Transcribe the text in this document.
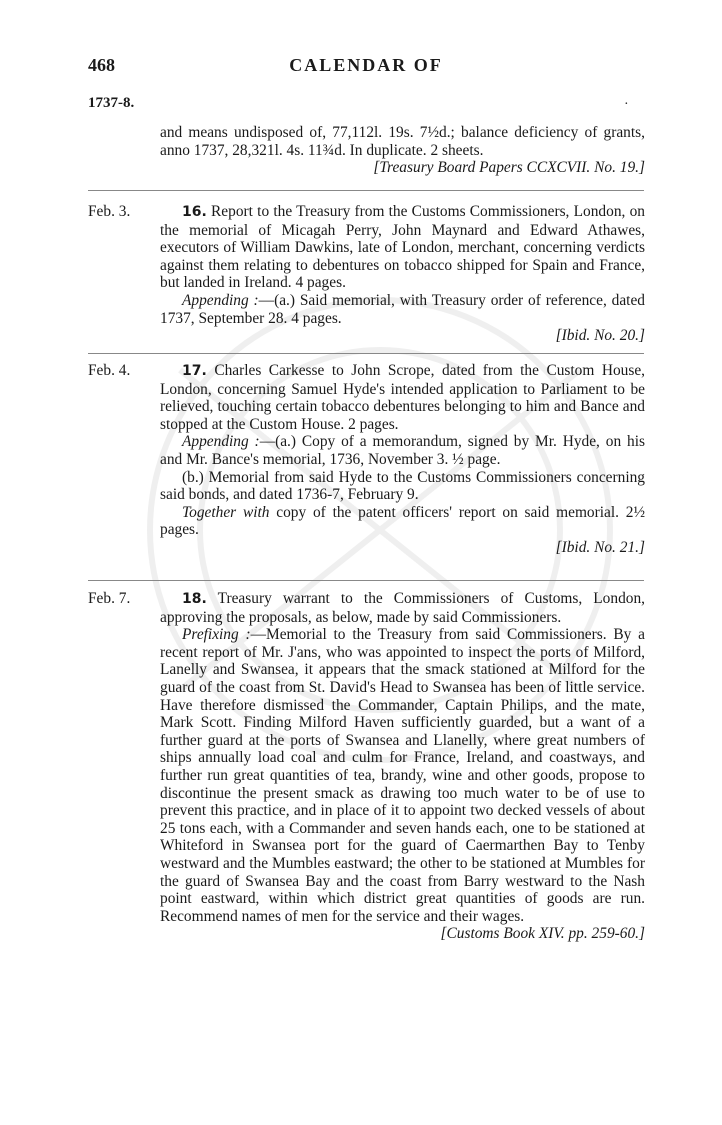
468	CALENDAR OF
1737-8.	·

and means undisposed of, 77,112l. 19s. 7½d.; balance deficiency of grants, anno 1737, 28,321l. 4s. 11¾d. In duplicate. 2 sheets.

[Treasury Board Papers CCXCVII. No. 19.]

Feb. 3.	16. Report to the Treasury from the Customs Commissioners, London, on the memorial of Micagah Perry, John Maynard and Edward Athawes, executors of William Dawkins, late of London, merchant, concerning verdicts against them relating to debentures on tobacco shipped for Spain and France, but landed in Ireland. 4 pages.

Appending :—(a.) Said memorial, with Treasury order of reference, dated 1737, September 28. 4 pages.

[Ibid. No. 20.]

Feb. 4.	17. Charles Carkesse to John Scrope, dated from the Custom House, London, concerning Samuel Hyde's intended application to Parliament to be relieved, touching certain tobacco debentures belonging to him and Bance and stopped at the Custom House. 2 pages.

Appending :—(a.) Copy of a memorandum, signed by Mr. Hyde, on his and Mr. Bance's memorial, 1736, November 3. ½ page.

(b.) Memorial from said Hyde to the Customs Commissioners concerning said bonds, and dated 1736-7, February 9.

Together with copy of the patent officers' report on said memorial. 2½ pages.

[Ibid. No. 21.]

Feb. 7.	18. Treasury warrant to the Commissioners of Customs, London, approving the proposals, as below, made by said Commissioners.

Prefixing :—Memorial to the Treasury from said Commissioners. By a recent report of Mr. J'ans, who was appointed to inspect the ports of Milford, Lanelly and Swansea, it appears that the smack stationed at Milford for the guard of the coast from St. David's Head to Swansea has been of little service. Have therefore dismissed the Commander, Captain Philips, and the mate, Mark Scott. Finding Milford Haven sufficiently guarded, but a want of a further guard at the ports of Swansea and Llanelly, where great numbers of ships annually load coal and culm for France, Ireland, and coastways, and further run great quantities of tea, brandy, wine and other goods, propose to discontinue the present smack as drawing too much water to be of use to prevent this practice, and in place of it to appoint two decked vessels of about 25 tons each, with a Commander and seven hands each, one to be stationed at Whiteford in Swansea port for the guard of Caermarthen Bay to Tenby westward and the Mumbles eastward; the other to be stationed at Mumbles for the guard of Swansea Bay and the coast from Barry westward to the Nash point eastward, within which district great quantities of goods are run. Recommend names of men for the service and their wages.

[Customs Book XIV. pp. 259-60.]
